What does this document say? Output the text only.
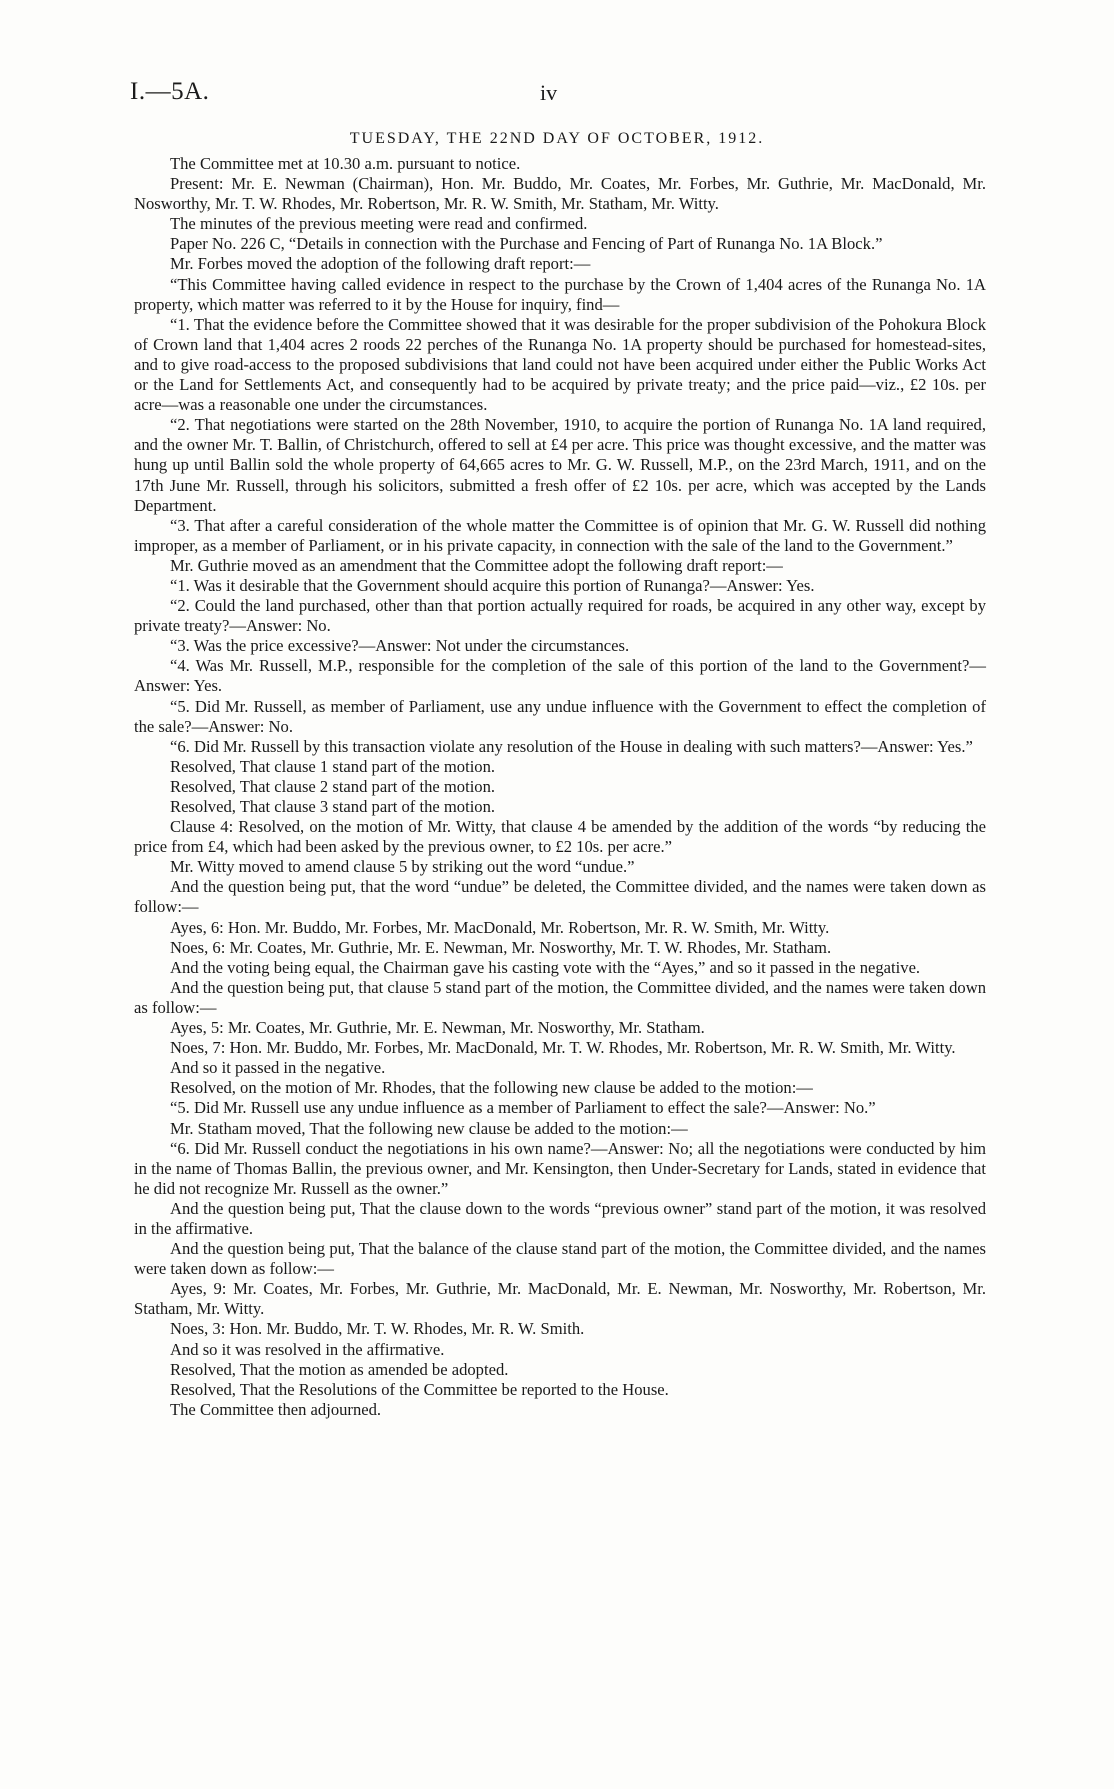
I.—5A.	iv
TUESDAY, THE 22ND DAY OF OCTOBER, 1912.

The Committee met at 10.30 a.m. pursuant to notice.

Present: Mr. E. Newman (Chairman), Hon. Mr. Buddo, Mr. Coates, Mr. Forbes, Mr. Guthrie, Mr. MacDonald, Mr. Nosworthy, Mr. T. W. Rhodes, Mr. Robertson, Mr. R. W. Smith, Mr. Statham, Mr. Witty.

The minutes of the previous meeting were read and confirmed.

Paper No. 226 C, “Details in connection with the Purchase and Fencing of Part of Runanga No. 1A Block.”

Mr. Forbes moved the adoption of the following draft report:—

“This Committee having called evidence in respect to the purchase by the Crown of 1,404 acres of the Runanga No. 1A property, which matter was referred to it by the House for inquiry, find—

“1. That the evidence before the Committee showed that it was desirable for the proper subdivision of the Pohokura Block of Crown land that 1,404 acres 2 roods 22 perches of the Runanga No. 1A property should be purchased for homestead-sites, and to give road-access to the proposed subdivisions that land could not have been acquired under either the Public Works Act or the Land for Settlements Act, and consequently had to be acquired by private treaty; and the price paid—viz., £2 10s. per acre—was a reasonable one under the circumstances.

“2. That negotiations were started on the 28th November, 1910, to acquire the portion of Runanga No. 1A land required, and the owner Mr. T. Ballin, of Christchurch, offered to sell at £4 per acre. This price was thought excessive, and the matter was hung up until Ballin sold the whole property of 64,665 acres to Mr. G. W. Russell, M.P., on the 23rd March, 1911, and on the 17th June Mr. Russell, through his solicitors, submitted a fresh offer of £2 10s. per acre, which was accepted by the Lands Department.

“3. That after a careful consideration of the whole matter the Committee is of opinion that Mr. G. W. Russell did nothing improper, as a member of Parliament, or in his private capacity, in connection with the sale of the land to the Government.”

Mr. Guthrie moved as an amendment that the Committee adopt the following draft report:—

“1. Was it desirable that the Government should acquire this portion of Runanga?—Answer: Yes.

“2. Could the land purchased, other than that portion actually required for roads, be acquired in any other way, except by private treaty?—Answer: No.

“3. Was the price excessive?—Answer: Not under the circumstances.

“4. Was Mr. Russell, M.P., responsible for the completion of the sale of this portion of the land to the Government?—Answer: Yes.

“5. Did Mr. Russell, as member of Parliament, use any undue influence with the Government to effect the completion of the sale?—Answer: No.

“6. Did Mr. Russell by this transaction violate any resolution of the House in dealing with such matters?—Answer: Yes.”

Resolved, That clause 1 stand part of the motion.

Resolved, That clause 2 stand part of the motion.

Resolved, That clause 3 stand part of the motion.

Clause 4: Resolved, on the motion of Mr. Witty, that clause 4 be amended by the addition of the words “by reducing the price from £4, which had been asked by the previous owner, to £2 10s. per acre.”

Mr. Witty moved to amend clause 5 by striking out the word “undue.”

And the question being put, that the word “undue” be deleted, the Committee divided, and the names were taken down as follow:—

Ayes, 6: Hon. Mr. Buddo, Mr. Forbes, Mr. MacDonald, Mr. Robertson, Mr. R. W. Smith, Mr. Witty.

Noes, 6: Mr. Coates, Mr. Guthrie, Mr. E. Newman, Mr. Nosworthy, Mr. T. W. Rhodes, Mr. Statham.

And the voting being equal, the Chairman gave his casting vote with the “Ayes,” and so it passed in the negative.

And the question being put, that clause 5 stand part of the motion, the Committee divided, and the names were taken down as follow:—

Ayes, 5: Mr. Coates, Mr. Guthrie, Mr. E. Newman, Mr. Nosworthy, Mr. Statham.

Noes, 7: Hon. Mr. Buddo, Mr. Forbes, Mr. MacDonald, Mr. T. W. Rhodes, Mr. Robertson, Mr. R. W. Smith, Mr. Witty.

And so it passed in the negative.

Resolved, on the motion of Mr. Rhodes, that the following new clause be added to the motion:—

“5. Did Mr. Russell use any undue influence as a member of Parliament to effect the sale?—Answer: No.”

Mr. Statham moved, That the following new clause be added to the motion:—

“6. Did Mr. Russell conduct the negotiations in his own name?—Answer: No; all the negotiations were conducted by him in the name of Thomas Ballin, the previous owner, and Mr. Kensington, then Under-Secretary for Lands, stated in evidence that he did not recognize Mr. Russell as the owner.”

And the question being put, That the clause down to the words “previous owner” stand part of the motion, it was resolved in the affirmative.

And the question being put, That the balance of the clause stand part of the motion, the Committee divided, and the names were taken down as follow:—

Ayes, 9: Mr. Coates, Mr. Forbes, Mr. Guthrie, Mr. MacDonald, Mr. E. Newman, Mr. Nosworthy, Mr. Robertson, Mr. Statham, Mr. Witty.

Noes, 3: Hon. Mr. Buddo, Mr. T. W. Rhodes, Mr. R. W. Smith.

And so it was resolved in the affirmative.

Resolved, That the motion as amended be adopted.

Resolved, That the Resolutions of the Committee be reported to the House.

The Committee then adjourned.
